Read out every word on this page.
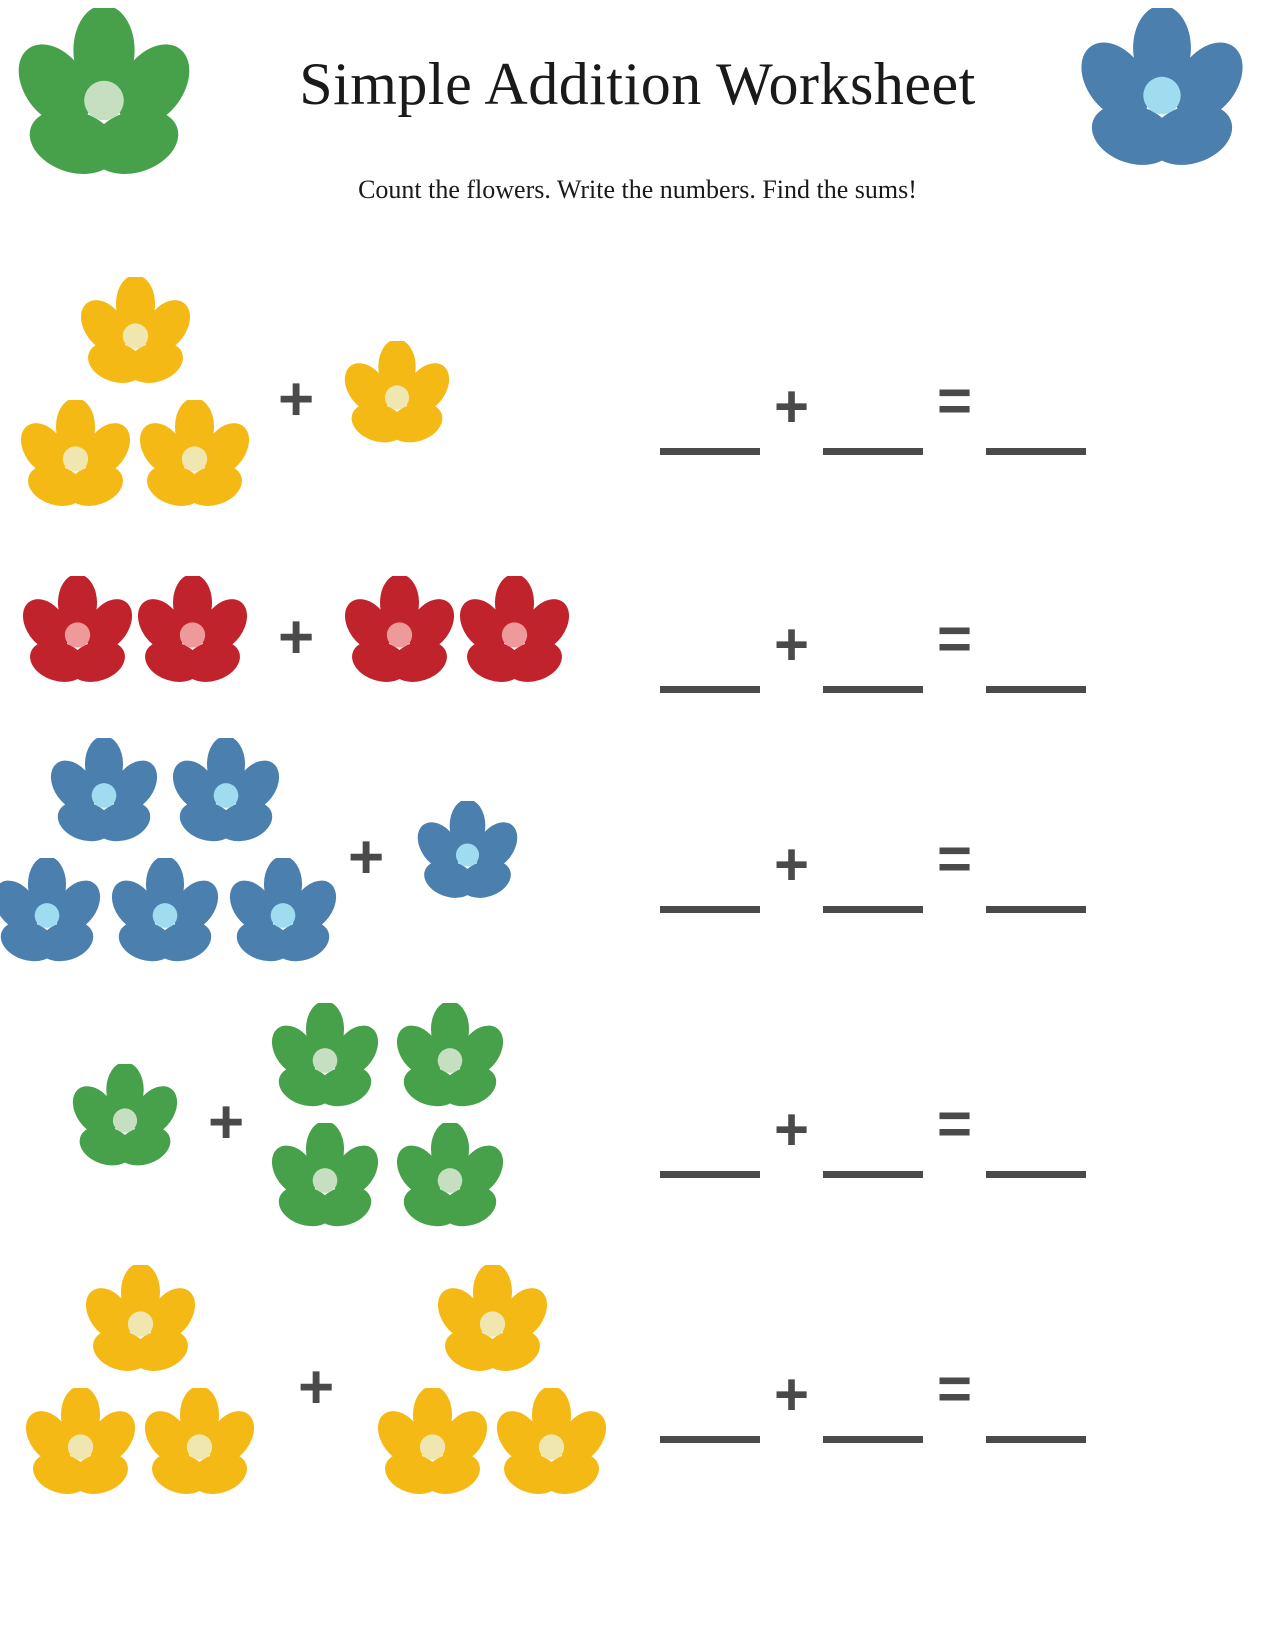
Simple Addition Worksheet
Count the flowers. Write the numbers. Find the sums!
+	+ =
+	+ =
+	+ =
+	+ =
+	+ =
